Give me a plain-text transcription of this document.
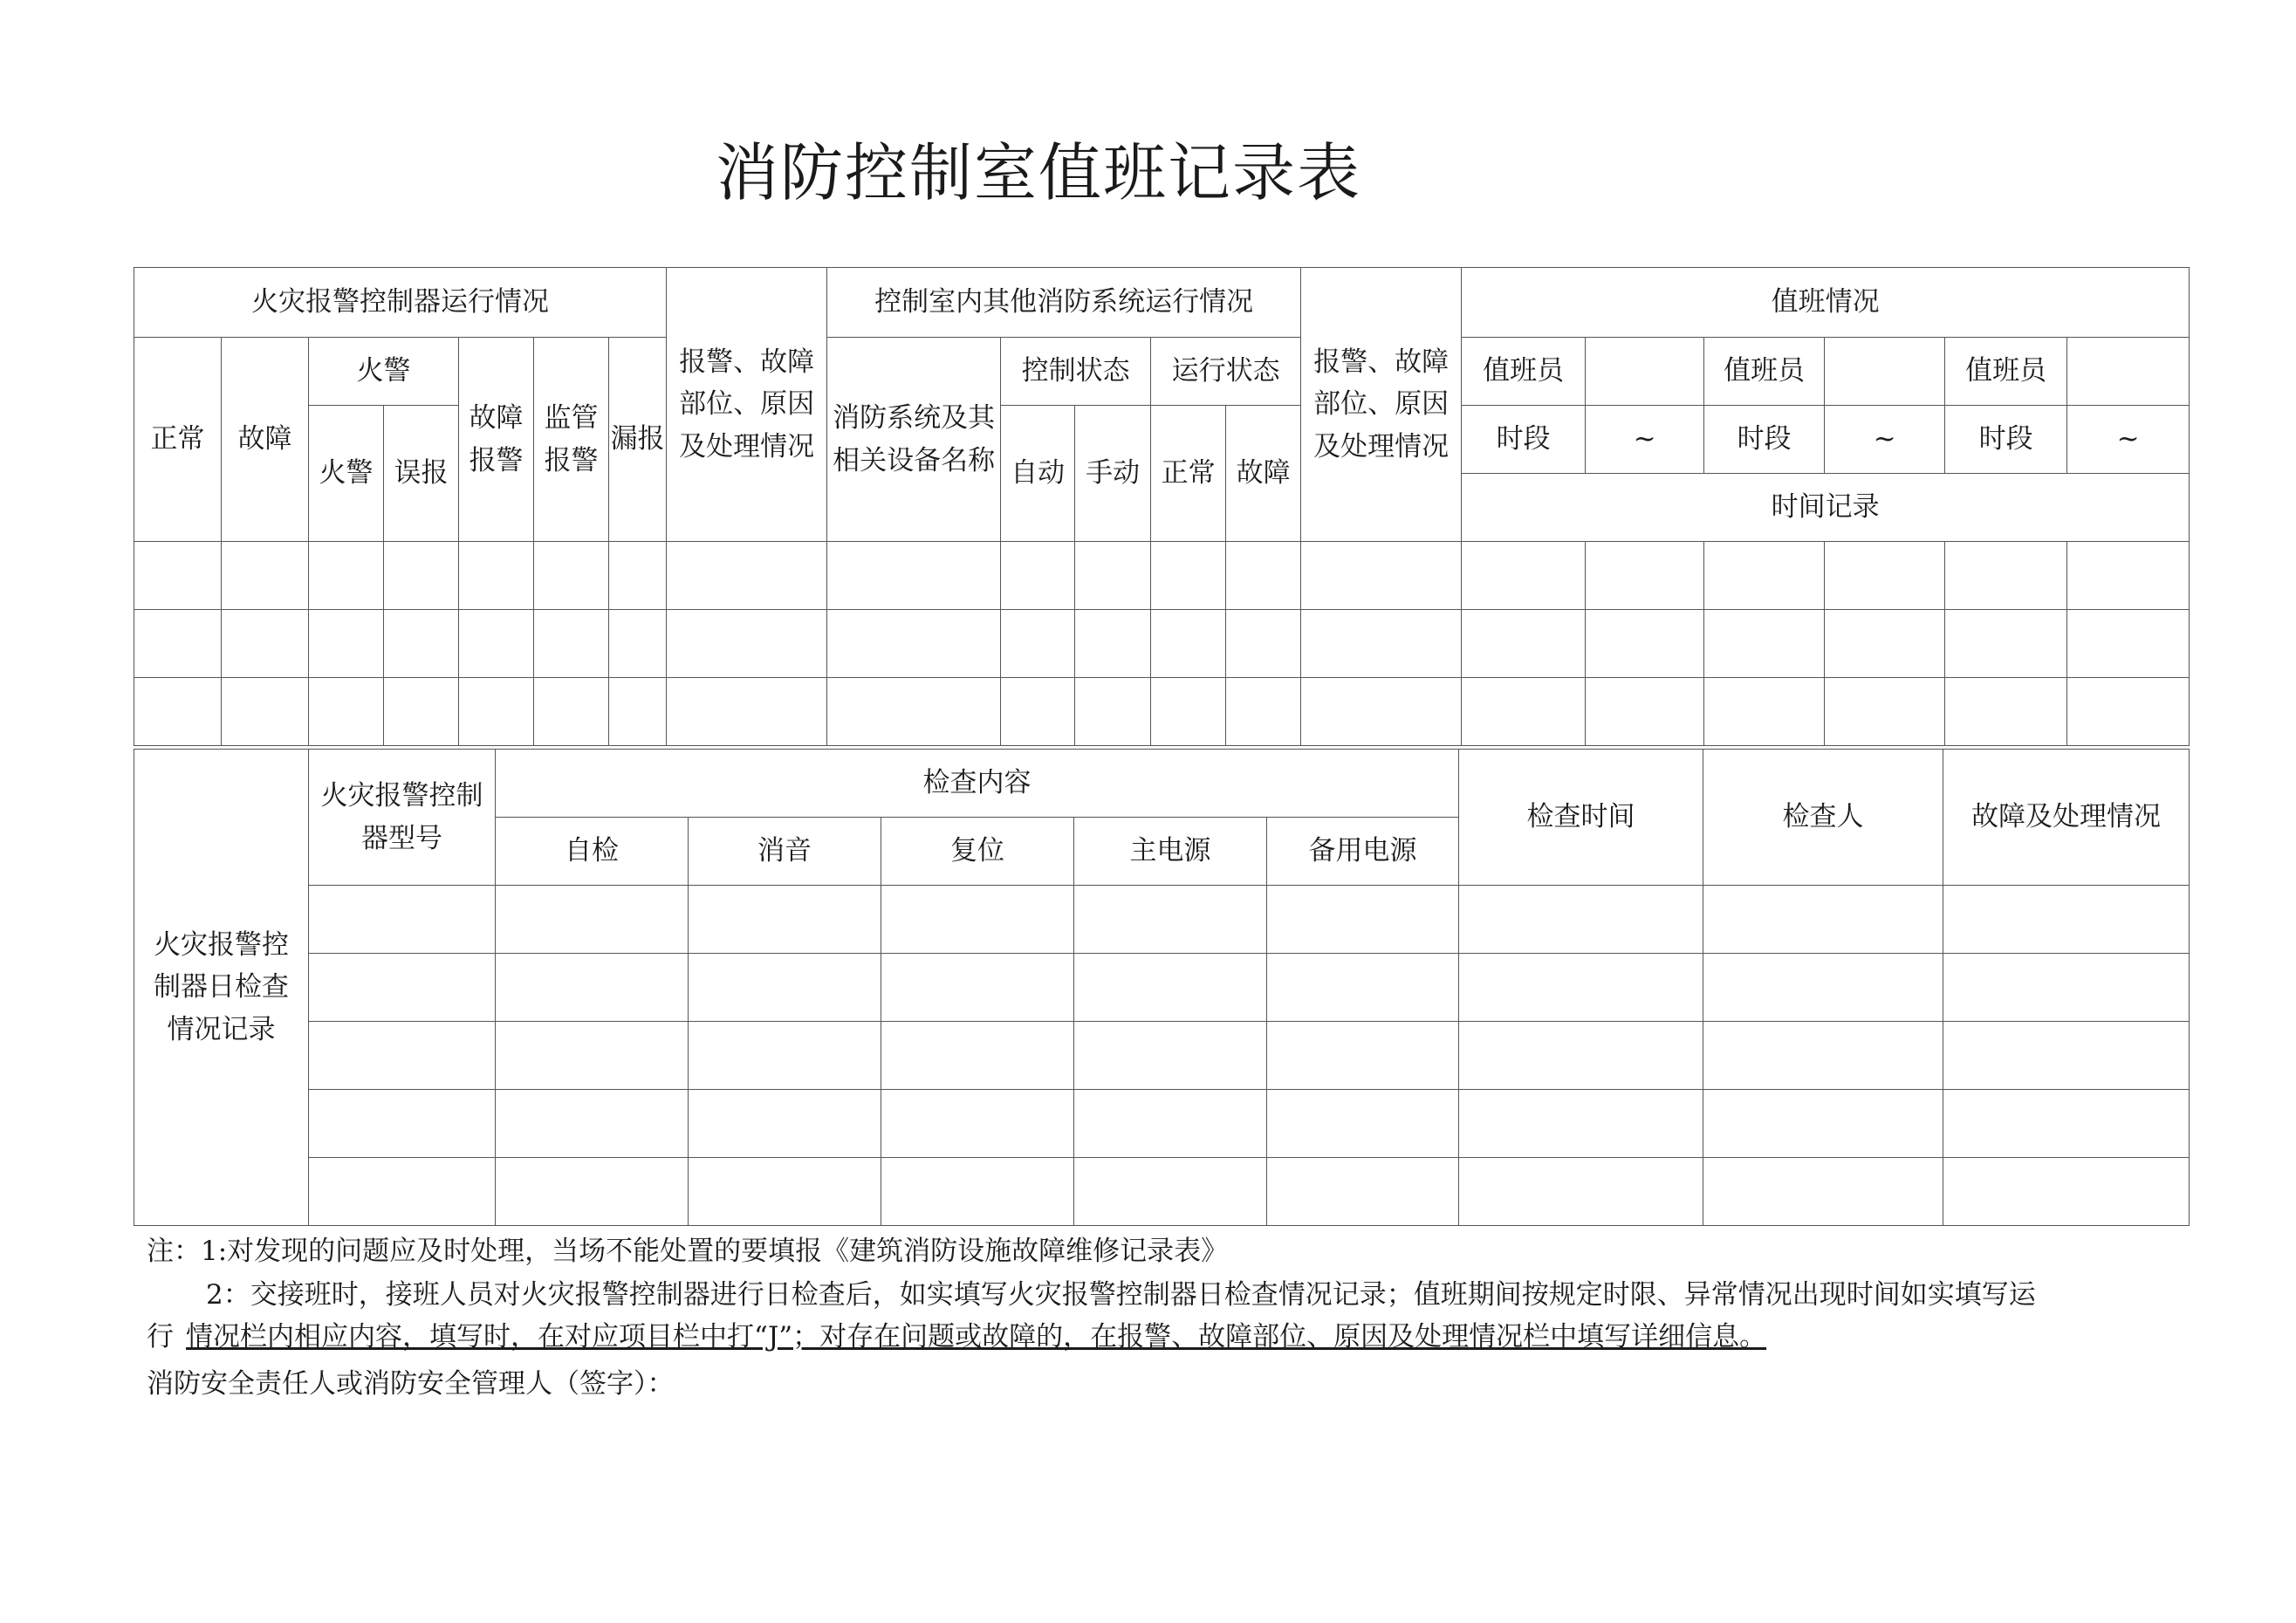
消防控制室值班记录表
火灾报警控制器运行情况							报警、故障部位、原因及处理情况	控制室内其他消防系统运行情况					报警、故障部位、原因及处理情况	值班情况					
正常	故障	火警		故障报警	监管报警	漏报		消防系统及其相关设备名称	控制状态		运行状态			值班员		值班员		值班员	
		火警	误报						自动	手动	正常	故障		时段	~	时段	~	时段	~
														时间记录					

火灾报警控制器日检查情况记录	火灾报警控制器型号	检查内容					检查时间	检查人	故障及处理情况
		自检	消音	复位	主电源	备用电源			

注：1:对发现的问题应及时处理，当场不能处置的要填报《建筑消防设施故障维修记录表》
2：交接班时，接班人员对火灾报警控制器进行日检查后，如实填写火灾报警控制器日检查情况记录；值班期间按规定时限、异常情况出现时间如实填写运
行 情况栏内相应内容，填写时，在对应项目栏中打“J”；对存在问题或故障的，在报警、故障部位、原因及处理情况栏中填写详细信息。
消防安全责任人或消防安全管理人（签字）：
